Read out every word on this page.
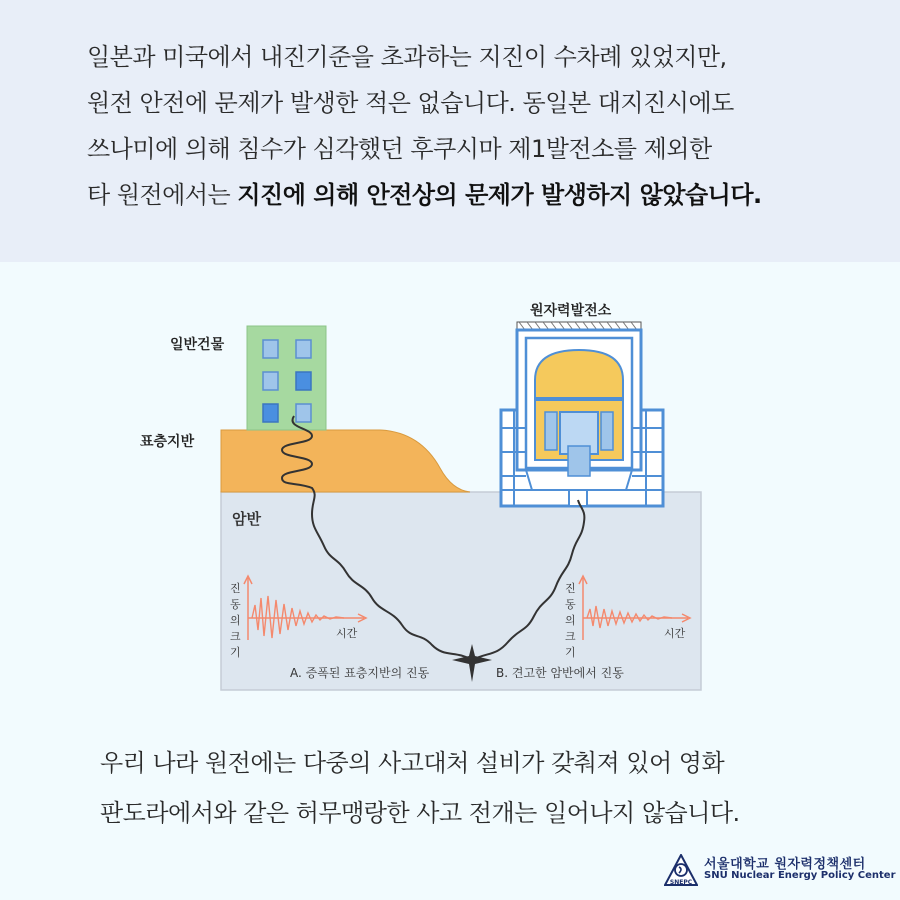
일본과 미국에서 내진기준을 초과하는 지진이 수차례 있었지만,
원전 안전에 문제가 발생한 적은 없습니다. 동일본 대지진시에도
쓰나미에 의해 침수가 심각했던 후쿠시마 제1발전소를 제외한
타 원전에서는 지진에 의해 안전상의 문제가 발생하지 않았습니다.
일반건물
표층지반
암반
원자력발전소
진
동
의
크
기
진
동
의
크
기
시간	시간
A. 증폭된 표층지반의 진동	B. 견고한 암반에서 진동
우리 나라 원전에는 다중의 사고대처 설비가 갖춰져 있어 영화
판도라에서와 같은 허무맹랑한 사고 전개는 일어나지 않습니다.
SNEPC
서울대학교 원자력정책센터
SNU Nuclear Energy Policy Center
